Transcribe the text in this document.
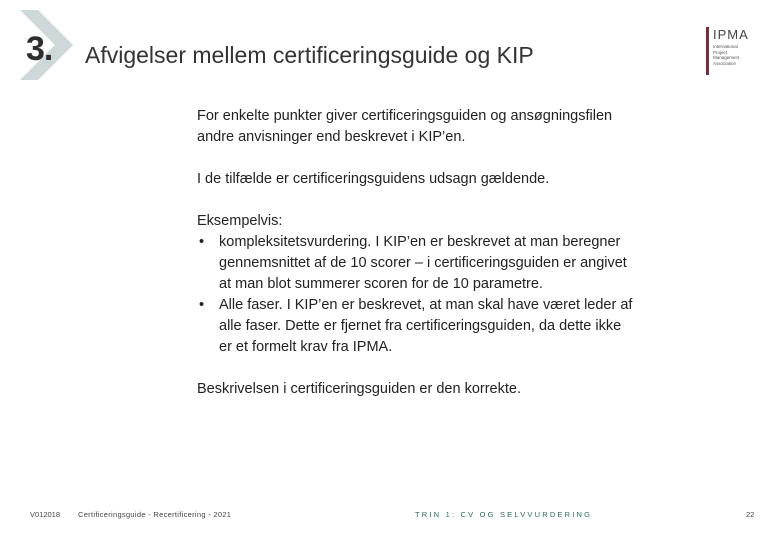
3. Afvigelser mellem certificeringsguide og KIP
IPMA
International
Project
Management
Association

For enkelte punkter giver certificeringsguiden og ansøgningsfilen andre anvisninger end beskrevet i KIP’en.

I de tilfælde er certificeringsguidens udsagn gældende.

Eksempelvis:

• kompleksitetsvurdering. I KIP’en er beskrevet at man beregner gennemsnittet af de 10 scorer – i certificeringsguiden er angivet at man blot summerer scoren for de 10 parametre.
• Alle faser. I KIP’en er beskrevet, at man skal have været leder af alle faser. Dette er fjernet fra certificeringsguiden, da dette ikke er et formelt krav fra IPMA.

Beskrivelsen i certificeringsguiden er den korrekte.

V012018 Certificeringsguide - Recertificering - 2021	TRIN 1: CV OG SELVVURDERING	22
